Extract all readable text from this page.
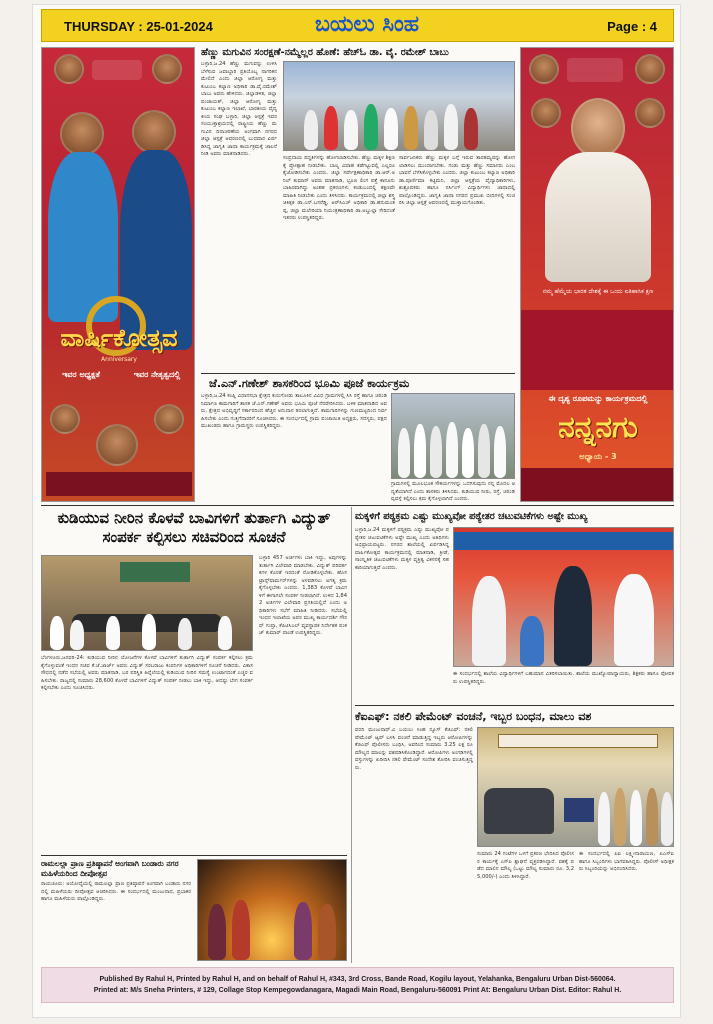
THURSDAY : 25-01-2024	ಬಯಲು ಸಿಂಹ	Page : 4
ವಾರ್ಷಿಕೋತ್ಸವ
Anniversary
ಇವರ ಅಧ್ಯಕ್ಷತೆ	ಇವರ ನೇತೃತ್ವದಲ್ಲಿ
ಹೆಣ್ಣು ಮಗುವಿನ ಸಂರಕ್ಷಣೆ-ನಮ್ಮೆಲ್ಲರ ಹೊಣೆ: ಹೆಚ್‌ಓ ಡಾ. ವೈ. ರಮೇಶ್ ಬಾಬು
ಬಳ್ಳಾರಿ,ಜ.24 ಹೆಣ್ಣು ಮಗುವನ್ನು ಉಳಿಸಿ ಬೆಳೆಸುವ ಜವಾಬ್ದಾರಿ ಪ್ರತಿಯೊಬ್ಬ ನಾಗರಿಕನ ಮೇಲಿದೆ ಎಂದು ಜಿಲ್ಲಾ ಆರೋಗ್ಯ ಮತ್ತು ಕುಟುಂಬ ಕಲ್ಯಾಣ ಅಧಿಕಾರಿ ಡಾ.ವೈ.ರಮೇಶ್ ಬಾಬು ಅವರು ಹೇಳಿದರು. ಜಿಲ್ಲಾಡಳಿತ, ಜಿಲ್ಲಾ ಪಂಚಾಯತ್, ಜಿಲ್ಲಾ ಆರೋಗ್ಯ ಮತ್ತು ಕುಟುಂಬ ಕಲ್ಯಾಣ ಇಲಾಖೆ, ಭಾರತೀಯ ವೈದ್ಯಕೀಯ ಸಂಘ ಬಳ್ಳಾರಿ, ಜಿಲ್ಲಾ ಆಸ್ಪತ್ರೆ ಇವರ ಸಂಯುಕ್ತಾಶ್ರಯದಲ್ಲಿ ರಾಷ್ಟ್ರೀಯ ಹೆಣ್ಣು ಮಗುವಿನ ದಿನಾಚರಣೆಯ ಅಂಗವಾಗಿ ನಗರದ ಜಿಲ್ಲಾ ಆಸ್ಪತ್ರೆ ಆವರಣದಲ್ಲಿ ಬುಧವಾರ ಏರ್ಪಡಿಸಿದ್ದ ಜಾಗೃತಿ ಜಾಥಾ ಕಾರ್ಯಕ್ರಮಕ್ಕೆ ಚಾಲನೆ ನೀಡಿ ಅವರು ಮಾತನಾಡಿದರು.
ಸಂಪ್ರದಾಯ ಪದ್ಧತಿಗಳನ್ನು ಹೋಗಲಾಡಿಸಬೇಕು. ಹೆಣ್ಣು ಮಕ್ಕಳ ಶಿಕ್ಷಣಕ್ಕೆ ಪ್ರೋತ್ಸಾಹ ನೀಡಬೇಕು. ಬಾಲ್ಯ ವಿವಾಹ ತಡೆಗಟ್ಟುವಲ್ಲಿ ಎಲ್ಲರೂ ಕೈಜೋಡಿಸಬೇಕು ಎಂದರು. ಜಿಲ್ಲಾ ಸರ್ವೇಕ್ಷಣಾಧಿಕಾರಿ ಡಾ.ಆರ್.ಅನಿಲ್ ಕುಮಾರ್ ಅವರು ಮಾತನಾಡಿ, ಭ್ರೂಣ ಲಿಂಗ ಪತ್ತೆ ಕಾನೂನು ಬಾಹಿರವಾಗಿದ್ದು ಅಂತಹ ಪ್ರಕರಣಗಳು ಕಂಡುಬಂದಲ್ಲಿ ತಕ್ಷಣವೇ ಮಾಹಿತಿ ನೀಡಬೇಕು ಎಂದು ತಿಳಿಸಿದರು. ಕಾರ್ಯಕ್ರಮದಲ್ಲಿ ಜಿಲ್ಲಾ ಶಸ್ತ್ರಚಿಕಿತ್ಸಕ ಡಾ.ಎನ್.ಬಸರೆಡ್ಡಿ, ಆರ್‌ಸಿಎಚ್ ಅಧಿಕಾರಿ ಡಾ.ಹನುಮಂತಪ್ಪ, ಜಿಲ್ಲಾ ಮಲೇರಿಯಾ ನಿಯಂತ್ರಣಾಧಿಕಾರಿ ಡಾ.ಅಬ್ದುಲ್ಲಾ ಸೇರಿದಂತೆ ಇತರರು ಉಪಸ್ಥಿತರಿದ್ದರು.
ಸಾರ್ವಜನಿಕರು ಹೆಣ್ಣು ಮಕ್ಕಳ ಬಗ್ಗೆ ಇರುವ ತಾರತಮ್ಯವನ್ನು ಹೋಗಲಾಡಿಸಲು ಮುಂದಾಗಬೇಕು. ಗಂಡು ಮತ್ತು ಹೆಣ್ಣು ಸಮಾನರು ಎಂಬ ಭಾವನೆ ಬೆಳೆಸಿಕೊಳ್ಳಬೇಕು ಎಂದರು. ಜಿಲ್ಲಾ ಕುಟುಂಬ ಕಲ್ಯಾಣ ಅಧಿಕಾರಿ ಡಾ.ಪೂರ್ಣಿಮಾ ಕಟ್ಟಿಮನಿ, ಜಿಲ್ಲಾ ಆಸ್ಪತ್ರೆಯ ವೈದ್ಯಾಧಿಕಾರಿಗಳು, ಶುಶ್ರೂಷಕರು ಹಾಗೂ ನರ್ಸಿಂಗ್ ವಿದ್ಯಾರ್ಥಿಗಳು ಜಾಥಾದಲ್ಲಿ ಪಾಲ್ಗೊಂಡಿದ್ದರು. ಜಾಗೃತಿ ಜಾಥಾ ನಗರದ ಪ್ರಮುಖ ಬೀದಿಗಳಲ್ಲಿ ಸಂಚರಿಸಿ ಜಿಲ್ಲಾ ಆಸ್ಪತ್ರೆ ಆವರಣದಲ್ಲಿ ಮುಕ್ತಾಯಗೊಂಡಿತು.
ಜೆ.ಎನ್.ಗಣೇಶ್ ಶಾಸಕರಿಂದ ಭೂಮಿ ಪೂಜೆ ಕಾರ್ಯಕ್ರಮ
ಬಳ್ಳಾರಿ,ಜ.24 ಕಂಪ್ಲಿ ವಿಧಾನಸಭಾ ಕ್ಷೇತ್ರದ ಕುರುಗೋಡು ತಾಲೂಕಿನ ವಿವಿಧ ಗ್ರಾಮಗಳಲ್ಲಿ ಸಿಸಿ ರಸ್ತೆ ಹಾಗೂ ಚರಂಡಿ ನಿರ್ಮಾಣ ಕಾಮಗಾರಿಗೆ ಶಾಸಕ ಜೆ.ಎನ್.ಗಣೇಶ್ ಅವರು ಭೂಮಿ ಪೂಜೆ ನೆರವೇರಿಸಿದರು. ಬಳಿಕ ಮಾತನಾಡಿದ ಅವರು, ಕ್ಷೇತ್ರದ ಅಭಿವೃದ್ಧಿಗೆ ಸರ್ಕಾರದಿಂದ ಹೆಚ್ಚಿನ ಅನುದಾನ ತರಲಾಗುತ್ತಿದೆ. ಕಾಮಗಾರಿಗಳನ್ನು ಗುಣಮಟ್ಟದಿಂದ ನಿರ್ವಹಿಸಬೇಕು ಎಂದು ಗುತ್ತಿಗೆದಾರರಿಗೆ ಸೂಚಿಸಿದರು. ಈ ಸಂದರ್ಭದಲ್ಲಿ ಗ್ರಾಮ ಪಂಚಾಯಿತಿ ಅಧ್ಯಕ್ಷರು, ಸದಸ್ಯರು, ಪಕ್ಷದ ಮುಖಂಡರು ಹಾಗೂ ಗ್ರಾಮಸ್ಥರು ಉಪಸ್ಥಿತರಿದ್ದರು.
ಗ್ರಾಮಗಳಲ್ಲಿ ಮೂಲಭೂತ ಸೌಕರ್ಯಗಳನ್ನು ಒದಗಿಸುವುದು ನನ್ನ ಮೊದಲ ಆದ್ಯತೆಯಾಗಿದೆ ಎಂದು ಶಾಸಕರು ತಿಳಿಸಿದರು. ಕುಡಿಯುವ ನೀರು, ರಸ್ತೆ, ಚರಂಡಿ ವ್ಯವಸ್ಥೆ ಕಲ್ಪಿಸಲು ಕ್ರಮ ಕೈಗೊಳ್ಳಲಾಗಿದೆ ಎಂದರು.
ನಮ್ಮ ಹೆಮ್ಮೆಯ ಭಾರತ ದೇಶಕ್ಕೆ ಈ ಒಂದು ಐತಿಹಾಸಿಕ ಕ್ಷಣ
ಈ ದೃಶ್ಯ ರೂಪಮನ್ನು ಕಾರ್ಯಕ್ರಮದಲ್ಲಿ
ನನ್ನನಗು
ಅಧ್ಯಾಯ - 3
ಕುಡಿಯುವ ನೀರಿನ ಕೊಳವೆ ಬಾವಿಗಳಿಗೆ ತುರ್ತಾಗಿ ವಿದ್ಯುತ್ ಸಂಪರ್ಕ ಕಲ್ಪಿಸಲು ಸಚಿವರಿಂದ ಸೂಚನೆ
ಬಳ್ಳಾರಿ 457 ಅರ್ಜಿಗಳು ಬಾಕಿ ಇದ್ದು, ಅವುಗಳನ್ನು ತುರ್ತಾಗಿ ವಿಲೇವಾರಿ ಮಾಡಬೇಕು. ವಿದ್ಯುತ್ ಪರಿವರ್ತಕಗಳ ಕೊರತೆ ಇರದಂತೆ ನೋಡಿಕೊಳ್ಳಬೇಕು. ಹೊಸ ಟ್ರಾನ್ಸ್‌ಫಾರ್ಮರ್‌ಗಳನ್ನು ಅಳವಡಿಸಲು ಅಗತ್ಯ ಕ್ರಮ ಕೈಗೊಳ್ಳಬೇಕು ಎಂದರು. 1,383 ಕೊಳವೆ ಬಾವಿಗಳಿಗೆ ಈಗಾಗಲೇ ಸಂಪರ್ಕ ನೀಡಲಾಗಿದೆ. ಉಳಿದ 1,842 ಅರ್ಜಿಗಳ ವಿಲೇವಾರಿ ಪ್ರಗತಿಯಲ್ಲಿದೆ ಎಂದು ಅಧಿಕಾರಿಗಳು ಸಭೆಗೆ ಮಾಹಿತಿ ನೀಡಿದರು. ಸಭೆಯಲ್ಲಿ ಇಂಧನ ಇಲಾಖೆಯ ಅಪರ ಮುಖ್ಯ ಕಾರ್ಯದರ್ಶಿ ಗೌರವ್ ಗುಪ್ತಾ, ಕೆಪಿಟಿಸಿಎಲ್ ವ್ಯವಸ್ಥಾಪಕ ನಿರ್ದೇಶಕ ಪಂಕಜ್ ಕುಮಾರ್ ಪಾಂಡೆ ಉಪಸ್ಥಿತರಿದ್ದರು.
ಬೆಂಗಳೂರು,ಜನವರಿ-24: ಕುಡಿಯುವ ನೀರಿನ ಯೋಜನೆಗಳ ಕೊಳವೆ ಬಾವಿಗಳಿಗೆ ತುರ್ತಾಗಿ ವಿದ್ಯುತ್ ಸಂಪರ್ಕ ಕಲ್ಪಿಸಲು ಕ್ರಮ ಕೈಗೊಳ್ಳುವಂತೆ ಇಂಧನ ಸಚಿವ ಕೆ.ಜೆ.ಜಾರ್ಜ್ ಅವರು ವಿದ್ಯುತ್ ಸರಬರಾಜು ಕಂಪನಿಗಳ ಅಧಿಕಾರಿಗಳಿಗೆ ಸೂಚನೆ ನೀಡಿದರು. ವಿಕಾಸಸೌಧದಲ್ಲಿ ನಡೆದ ಸಭೆಯಲ್ಲಿ ಅವರು ಮಾತನಾಡಿ, ಬರ ಪರಿಸ್ಥಿತಿ ಹಿನ್ನೆಲೆಯಲ್ಲಿ ಕುಡಿಯುವ ನೀರಿನ ಸಮಸ್ಯೆ ಉಂಟಾಗದಂತೆ ಎಚ್ಚರ ವಹಿಸಬೇಕು. ರಾಜ್ಯದಲ್ಲಿ ಸುಮಾರು 28,600 ಕೊಳವೆ ಬಾವಿಗಳಿಗೆ ವಿದ್ಯುತ್ ಸಂಪರ್ಕ ನೀಡಲು ಬಾಕಿ ಇದ್ದು, ಆದಷ್ಟು ಬೇಗ ಸಂಪರ್ಕ ಕಲ್ಪಿಸಬೇಕು ಎಂದು ಸೂಚಿಸಿದರು.
ಮಕ್ಕಳಿಗೆ ಪಠ್ಯಕ್ರಮ ಎಷ್ಟು ಮುಖ್ಯವೋ ಪಠ್ಯೇತರ ಚಟುವಟಿಕೆಗಳು ಅಷ್ಟೇ ಮುಖ್ಯ
ಬಳ್ಳಾರಿ,ಜ.24 ಮಕ್ಕಳಿಗೆ ಪಠ್ಯಕ್ರಮ ಎಷ್ಟು ಮುಖ್ಯವೋ ಪಠ್ಯೇತರ ಚಟುವಟಿಕೆಗಳು ಅಷ್ಟೇ ಮುಖ್ಯ ಎಂದು ಅತಿಥಿಗಳು ಅಭಿಪ್ರಾಯಪಟ್ಟರು. ನಗರದ ಶಾಲೆಯಲ್ಲಿ ಏರ್ಪಡಿಸಿದ್ದ ವಾರ್ಷಿಕೋತ್ಸವ ಕಾರ್ಯಕ್ರಮದಲ್ಲಿ ಮಾತನಾಡಿ, ಕ್ರೀಡೆ, ಸಾಂಸ್ಕೃತಿಕ ಚಟುವಟಿಕೆಗಳು ಮಕ್ಕಳ ವ್ಯಕ್ತಿತ್ವ ವಿಕಸನಕ್ಕೆ ಸಹಕಾರಿಯಾಗುತ್ತವೆ ಎಂದರು.
ಈ ಸಂದರ್ಭದಲ್ಲಿ ಶಾಲೆಯ ವಿದ್ಯಾರ್ಥಿಗಳಿಗೆ ಬಹುಮಾನ ವಿತರಿಸಲಾಯಿತು. ಶಾಲೆಯ ಮುಖ್ಯೋಪಾಧ್ಯಾಯರು, ಶಿಕ್ಷಕರು ಹಾಗೂ ಪೋಷಕರು ಉಪಸ್ಥಿತರಿದ್ದರು.
ಕೆಐಎಫ್: ನಕಲಿ ಪೇಮೆಂಟ್ ವಂಚನೆ, ಇಬ್ಬರ ಬಂಧನ, ಮಾಲು ವಶ
ವರದಿ ಮಂಜುನಾಥ್.ವಿ ಬಯಲು ಸಿಂಹ ನ್ಯೂಸ್ ಕೆಜಿಎಫ್: ನಕಲಿ ಪೇಮೆಂಟ್ ಆ್ಯಪ್ ಬಳಸಿ ವಂಚನೆ ಮಾಡುತ್ತಿದ್ದ ಇಬ್ಬರು ಆರೋಪಿಗಳನ್ನು ಕೆಜಿಎಫ್ ಪೊಲೀಸರು ಬಂಧಿಸಿ, ಅವರಿಂದ ಸುಮಾರು 3.25 ಲಕ್ಷ ರೂ ಮೌಲ್ಯದ ಮಾಲನ್ನು ವಶಪಡಿಸಿಕೊಂಡಿದ್ದಾರೆ. ಆರೋಪಿಗಳು ಅಂಗಡಿಗಳಲ್ಲಿ ವಸ್ತುಗಳನ್ನು ಖರೀದಿಸಿ ನಕಲಿ ಪೇಮೆಂಟ್ ಸಂದೇಶ ತೋರಿಸಿ ವಂಚಿಸುತ್ತಿದ್ದರು.
ಸುಮಾರು 24 ಗಂಟೆಗಳ ಒಳಗೆ ಪ್ರಕರಣ ಭೇದಿಸಿದ ಪೊಲೀಸರ ಕಾರ್ಯಕ್ಕೆ ಎಸ್‌ಪಿ ಶ್ಲಾಘನೆ ವ್ಯಕ್ತಪಡಿಸಿದ್ದಾರೆ. ವಶಕ್ಕೆ ಪಡೆದ ಮಾಲಿನ ಮೌಲ್ಯ (ಒಟ್ಟು ಮೌಲ್ಯ ಸುಮಾರು ರೂ. 3,25,000/-) ಎಂದು ತಿಳಿಸಿದ್ದಾರೆ.
ಈ ಸಂದರ್ಭದಲ್ಲಿ ಪಿಐ ಲಕ್ಷ್ಮೀನಾರಾಯಣ, ಪಿಎಸ್‌ಐ ಹಾಗೂ ಸಿಬ್ಬಂದಿಗಳು ಭಾಗವಹಿಸಿದ್ದರು. ಪೊಲೀಸ್ ಅಧೀಕ್ಷಕರು ಸಿಬ್ಬಂದಿಯನ್ನು ಅಭಿನಂದಿಸಿದರು.
ರಾಮಲಲ್ಲಾ ಪ್ರಾಣ ಪ್ರತಿಷ್ಠಾಪನೆ ಅಂಗವಾಗಿ ಬಂಡಾರು ನಗರ ಮಹಿಳೆಯರಿಂದ ದೀಪೋತ್ಸವ
ರಾಯಚೂರು: ಅಯೋಧ್ಯೆಯಲ್ಲಿ ರಾಮಲಲ್ಲಾ ಪ್ರಾಣ ಪ್ರತಿಷ್ಠಾಪನೆ ಅಂಗವಾಗಿ ಬಂಡಾರು ನಗರದಲ್ಲಿ ಮಹಿಳೆಯರು ದೀಪೋತ್ಸವ ಆಚರಿಸಿದರು. ಈ ಸಂದರ್ಭದಲ್ಲಿ ಮಂಜುನಾಥ, ಪ್ರಭಾಕರ ಹಾಗೂ ಮಹಿಳೆಯರು ಪಾಲ್ಗೊಂಡಿದ್ದರು.
Published By Rahul H, Printed by Rahul H, and on behalf of Rahul H, #343, 3rd Cross, Bande Road, Kogilu layout, Yelahanka, Bengaluru Urban Dist-560064.
Printed at: M/s Sneha Printers, # 129, Collage Stop Kempegowdanagara, Magadi Main Road, Bengaluru-560091 Print At: Bengaluru Urban Dist. Editor: Rahul H.
